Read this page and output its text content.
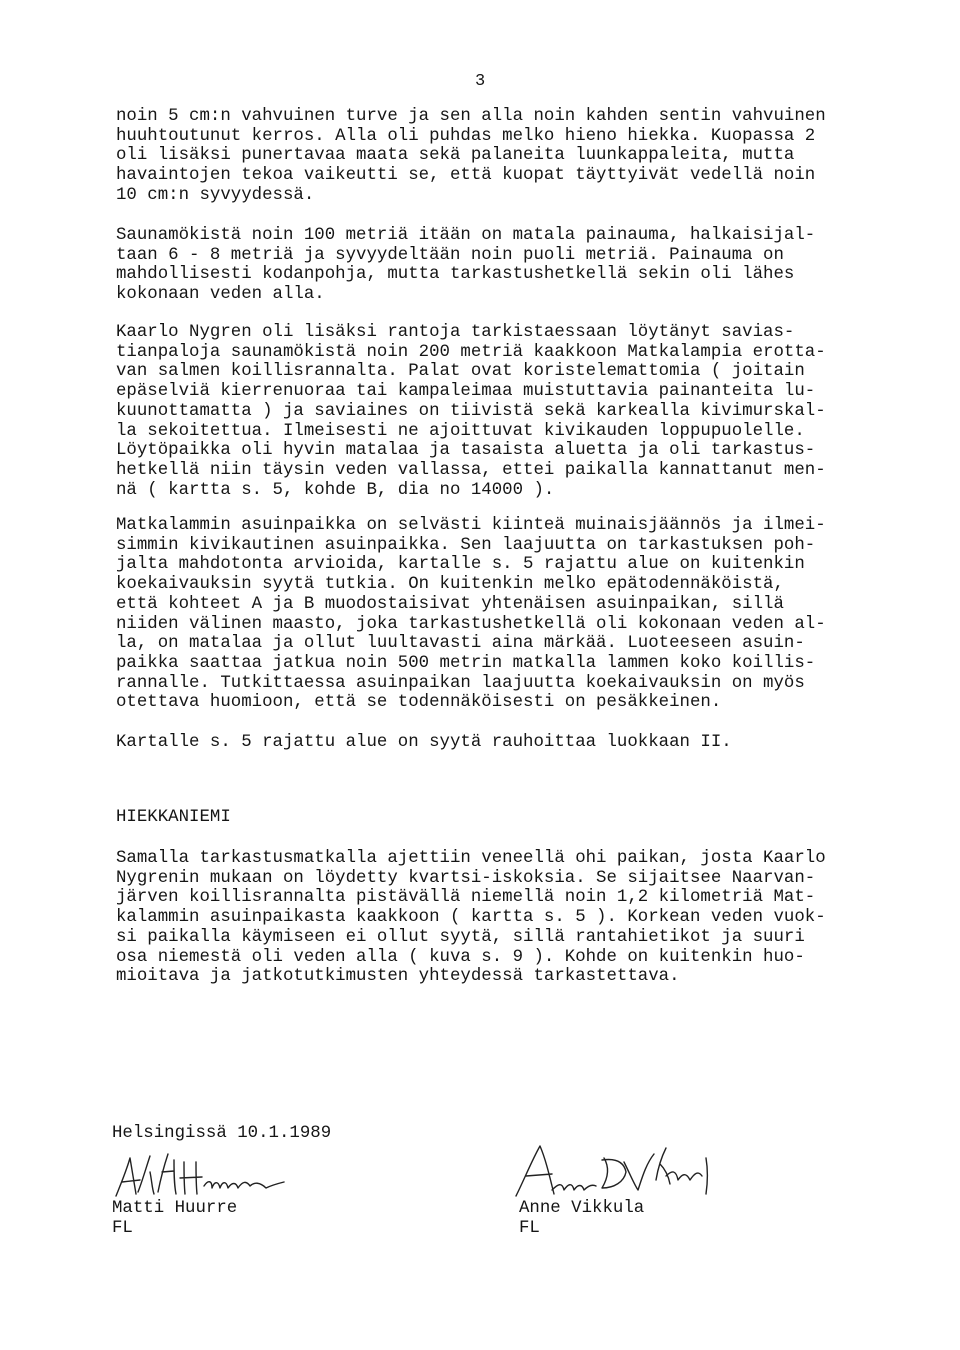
3
noin 5 cm:n vahvuinen turve ja sen alla noin kahden sentin vahvuinen
huuhtoutunut kerros. Alla oli puhdas melko hieno hiekka. Kuopassa 2
oli lisäksi punertavaa maata sekä palaneita luunkappaleita, mutta
havaintojen tekoa vaikeutti se, että kuopat täyttyivät vedellä noin
10 cm:n syvyydessä.
Saunamökistä noin 100 metriä itään on matala painauma, halkaisijal-
taan 6 - 8 metriä ja syvyydeltään noin puoli metriä. Painauma on
mahdollisesti kodanpohja, mutta tarkastushetkellä sekin oli lähes
kokonaan veden alla.
Kaarlo Nygren oli lisäksi rantoja tarkistaessaan löytänyt savias-
tianpaloja saunamökistä noin 200 metriä kaakkoon Matkalampia erotta-
van salmen koillisrannalta. Palat ovat koristelemattomia ( joitain
epäselviä kierrenuoraa tai kampaleimaa muistuttavia painanteita lu-
kuunottamatta ) ja saviaines on tiivistä sekä karkealla kivimurskal-
la sekoitettua. Ilmeisesti ne ajoittuvat kivikauden loppupuolelle.
Löytöpaikka oli hyvin matalaa ja tasaista aluetta ja oli tarkastus-
hetkellä niin täysin veden vallassa, ettei paikalla kannattanut men-
nä ( kartta s. 5, kohde B, dia no 14000 ).
Matkalammin asuinpaikka on selvästi kiinteä muinaisjäännös ja ilmei-
simmin kivikautinen asuinpaikka. Sen laajuutta on tarkastuksen poh-
jalta mahdotonta arvioida, kartalle s. 5 rajattu alue on kuitenkin
koekaivauksin syytä tutkia. On kuitenkin melko epätodennäköistä,
että kohteet A ja B muodostaisivat yhtenäisen asuinpaikan, sillä
niiden välinen maasto, joka tarkastushetkellä oli kokonaan veden al-
la, on matalaa ja ollut luultavasti aina märkää. Luoteeseen asuin-
paikka saattaa jatkua noin 500 metrin matkalla lammen koko koillis-
rannalle. Tutkittaessa asuinpaikan laajuutta koekaivauksin on myös
otettava huomioon, että se todennäköisesti on pesäkkeinen.
Kartalle s. 5 rajattu alue on syytä rauhoittaa luokkaan II.
HIEKKANIEMI
Samalla tarkastusmatkalla ajettiin veneellä ohi paikan, josta Kaarlo
Nygrenin mukaan on löydetty kvartsi-iskoksia. Se sijaitsee Naarvan-
järven koillisrannalta pistävällä niemellä noin 1,2 kilometriä Mat-
kalammin asuinpaikasta kaakkoon ( kartta s. 5 ). Korkean veden vuok-
si paikalla käymiseen ei ollut syytä, sillä rantahietikot ja suuri
osa niemestä oli veden alla ( kuva s. 9 ). Kohde on kuitenkin huo-
mioitava ja jatkotutkimusten yhteydessä tarkastettava.
Helsingissä 10.1.1989
Matti Huurre
FL
Anne Vikkula
FL
